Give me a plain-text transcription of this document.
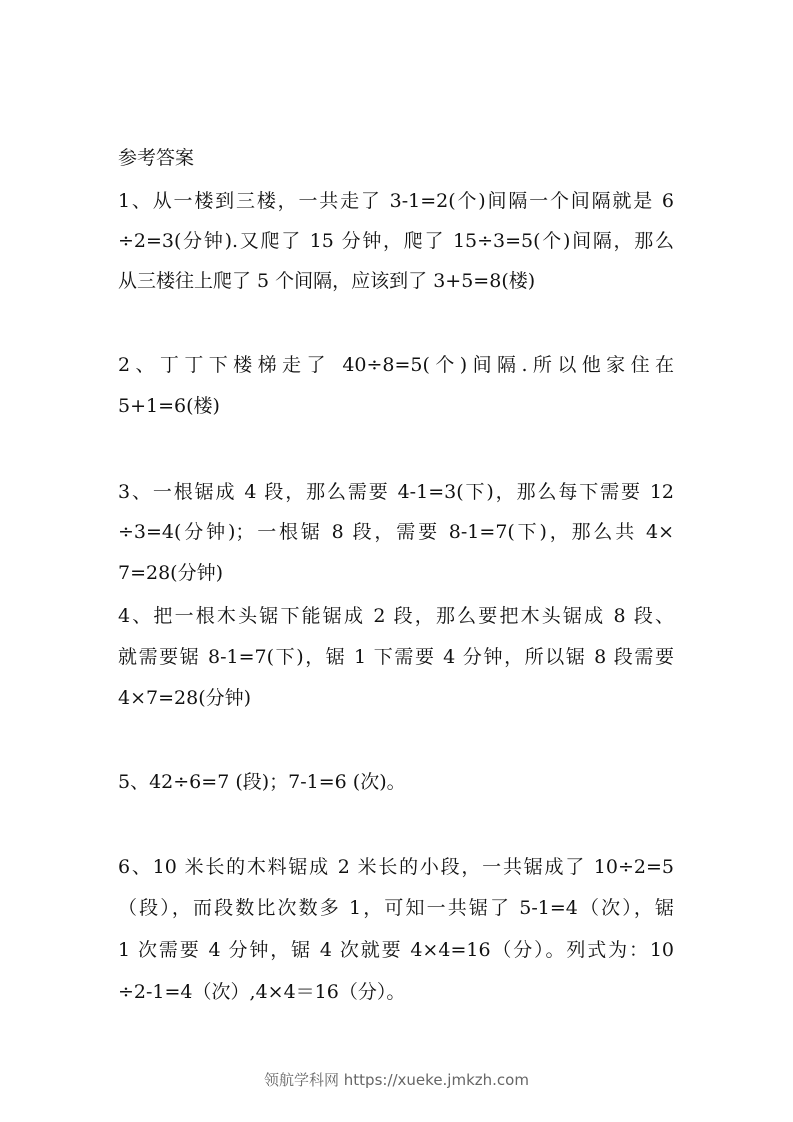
参考答案
1、从一楼到三楼，一共走了 3-1=2(个)间隔一个间隔就是 6
÷2=3(分钟).又爬了 15 分钟，爬了 15÷3=5(个)间隔，那么
从三楼往上爬了 5 个间隔，应该到了 3+5=8(楼)
2、丁丁下楼梯走了 40÷8=5(个)间隔.所以他家住在
5+1=6(楼)
3、一根锯成 4 段，那么需要 4-1=3(下)，那么每下需要 12
÷3=4(分钟)；一根锯 8 段，需要 8-1=7(下)，那么共 4×
7=28(分钟)
4、把一根木头锯下能锯成 2 段，那么要把木头锯成 8 段、
就需要锯 8-1=7(下)，锯 1 下需要 4 分钟，所以锯 8 段需要
4×7=28(分钟)
5、42÷6=7 (段)；7-1=6 (次)。
6、10 米长的木料锯成 2 米长的小段，一共锯成了 10÷2=5
（段），而段数比次数多 1，可知一共锯了 5-1=4（次），锯
1 次需要 4 分钟，锯 4 次就要 4×4=16（分）。列式为：10
÷2-1=4（次）,4×4＝16（分）。
领航学科网 https://xueke.jmkzh.com
